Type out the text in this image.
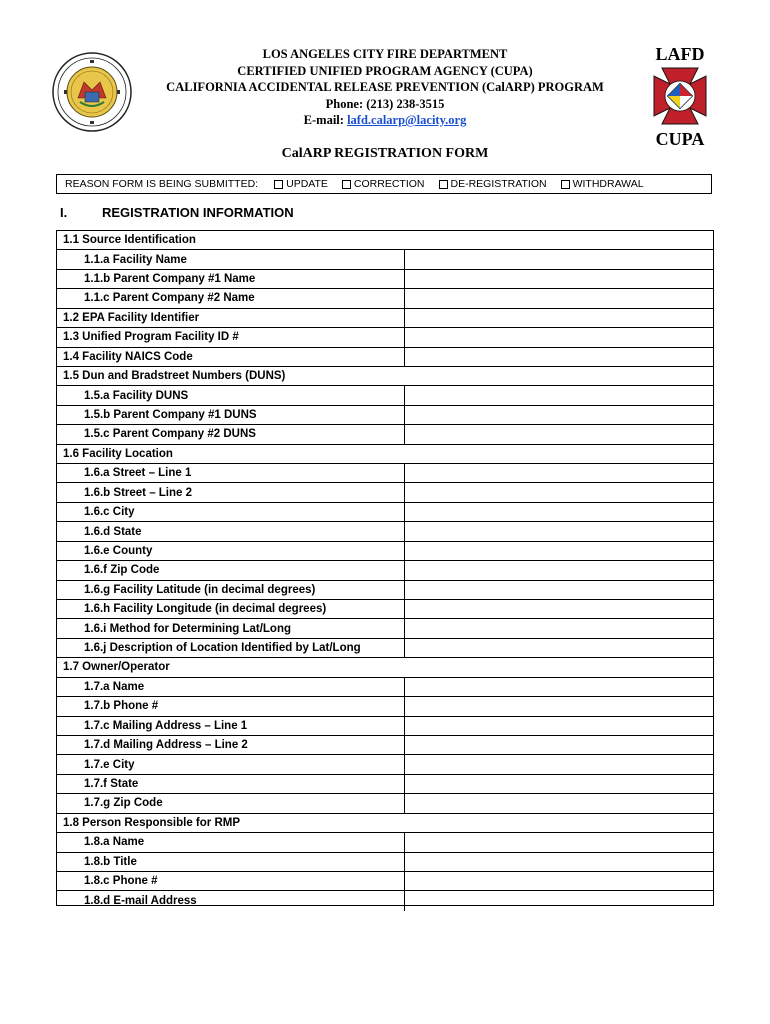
LAFD
CUPA
LOS ANGELES CITY FIRE DEPARTMENT
CERTIFIED UNIFIED PROGRAM AGENCY (CUPA)
CALIFORNIA ACCIDENTAL RELEASE PREVENTION (CalARP) PROGRAM
Phone: (213) 238-3515
E-mail: lafd.calarp@lacity.org
CalARP REGISTRATION FORM
REASON FORM IS BEING SUBMITTED:	UPDATE CORRECTION DE-REGISTRATION WITHDRAWAL
I.	REGISTRATION INFORMATION
1.1 Source Identification
1.1.a Facility Name
1.1.b Parent Company #1 Name
1.1.c Parent Company #2 Name
1.2 EPA Facility Identifier
1.3 Unified Program Facility ID #
1.4 Facility NAICS Code
1.5 Dun and Bradstreet Numbers (DUNS)
1.5.a Facility DUNS
1.5.b Parent Company #1 DUNS
1.5.c Parent Company #2 DUNS
1.6 Facility Location
1.6.a Street – Line 1
1.6.b Street – Line 2
1.6.c City
1.6.d State
1.6.e County
1.6.f Zip Code
1.6.g Facility Latitude (in decimal degrees)
1.6.h Facility Longitude (in decimal degrees)
1.6.i Method for Determining Lat/Long
1.6.j Description of Location Identified by Lat/Long
1.7 Owner/Operator
1.7.a Name
1.7.b Phone #
1.7.c Mailing Address – Line 1
1.7.d Mailing Address – Line 2
1.7.e City
1.7.f State
1.7.g Zip Code
1.8 Person Responsible for RMP
1.8.a Name
1.8.b Title
1.8.c Phone #
1.8.d E-mail Address
